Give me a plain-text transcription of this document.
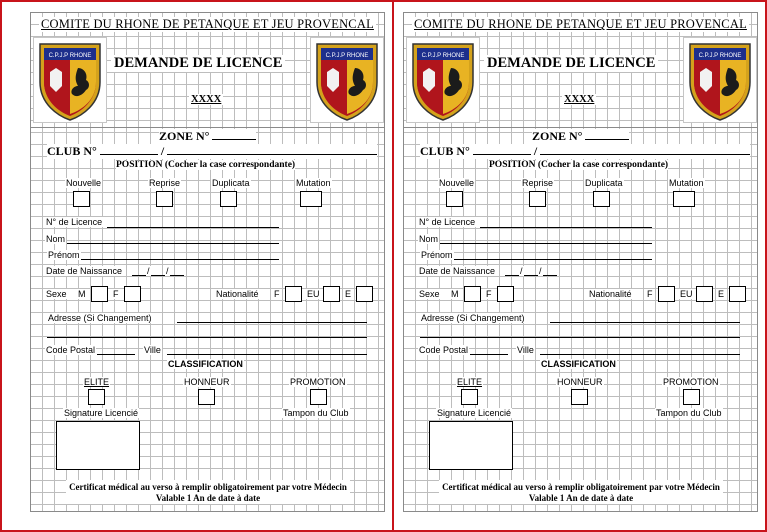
COMITE DU RHONE DE PETANQUE ET JEU PROVENCAL
C.P.J.P RHONE	C.P.J.P RHONE
DEMANDE DE LICENCE
XXXX
ZONE N°
CLUB N°	/
POSITION (Cocher la case correspondante)
Nouvelle	Reprise	Duplicata	Mutation
N° de Licence
Nom
Prénom
Date de Naissance	/ /
Sexe M	F	Nationalité F	EU	E
Adresse (Si Changement)
Code Postal	Ville
CLASSIFICATION
ELITE	HONNEUR	PROMOTION
Signature Licencié	Tampon du Club
Certificat médical au verso à remplir obligatoirement par votre Médecin
Valable 1 An de date à date
COMITE DU RHONE DE PETANQUE ET JEU PROVENCAL
C.P.J.P RHONE	C.P.J.P RHONE
DEMANDE DE LICENCE
XXXX
ZONE N°
CLUB N°	/
POSITION (Cocher la case correspondante)
Nouvelle	Reprise	Duplicata	Mutation
N° de Licence
Nom
Prénom
Date de Naissance	/ /
Sexe M	F	Nationalité F	EU	E
Adresse (Si Changement)
Code Postal	Ville
CLASSIFICATION
ELITE	HONNEUR	PROMOTION
Signature Licencié	Tampon du Club
Certificat médical au verso à remplir obligatoirement par votre Médecin
Valable 1 An de date à date
